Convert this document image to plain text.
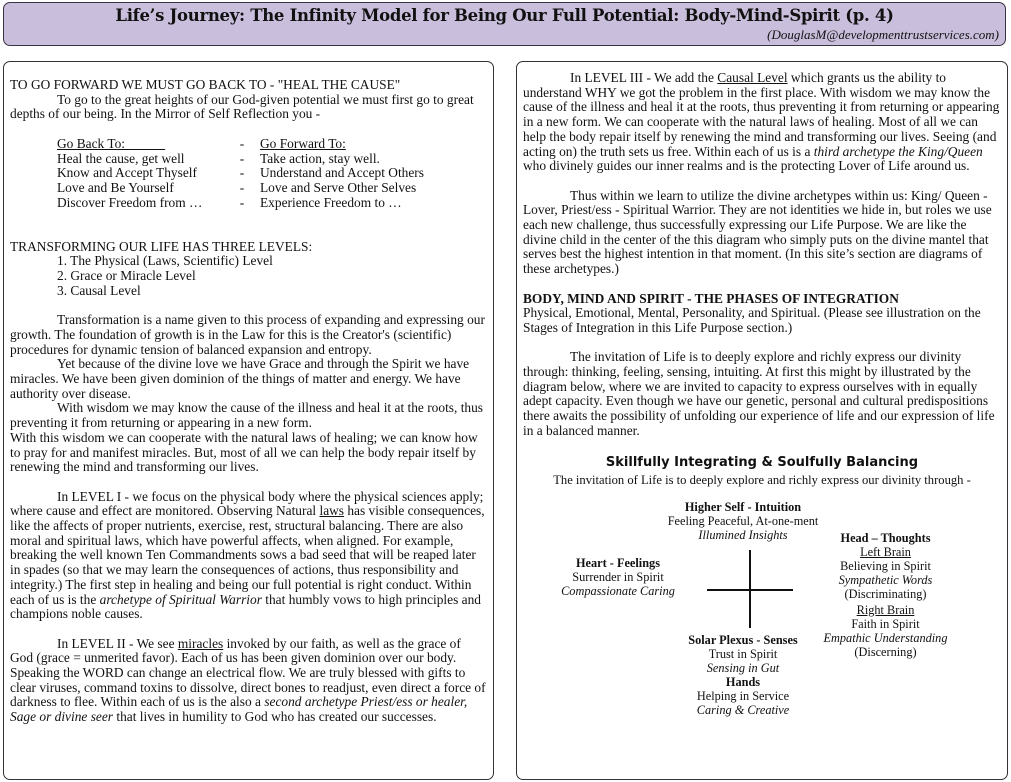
Life’s Journey: The Infinity Model for Being Our Full Potential: Body-Mind-Spirit (p. 4)
(DouglasM@developmenttrustservices.com)

TO GO FORWARD WE MUST GO BACK TO - "HEAL THE CAUSE"

To go to the great heights of our God-given potential we must first go to great depths of our being. In the Mirror of Self Reflection you -

Go Back To:	-	Go Forward To:
Heal the cause, get well	-	Take action, stay well.
Know and Accept Thyself	-	Understand and Accept Others
Love and Be Yourself	-	Love and Serve Other Selves
Discover Freedom from …	-	Experience Freedom to …

TRANSFORMING OUR LIFE HAS THREE LEVELS:

1. The Physical (Laws, Scientific) Level

2. Grace or Miracle Level

3. Causal Level

Transformation is a name given to this process of expanding and expressing our growth. The foundation of growth is in the Law for this is the Creator's (scientific) procedures for dynamic tension of balanced expansion and entropy.

Yet because of the divine love we have Grace and through the Spirit we have miracles. We have been given dominion of the things of matter and energy. We have authority over disease.

With wisdom we may know the cause of the illness and heal it at the roots, thus preventing it from returning or appearing in a new form.

With this wisdom we can cooperate with the natural laws of healing; we can know how to pray for and manifest miracles. But, most of all we can help the body repair itself by renewing the mind and transforming our lives.

In LEVEL I - we focus on the physical body where the physical sciences apply; where cause and effect are monitored. Observing Natural laws has visible consequences, like the affects of proper nutrients, exercise, rest, structural balancing. There are also moral and spiritual laws, which have powerful affects, when aligned. For example, breaking the well known Ten Commandments sows a bad seed that will be reaped later in spades (so that we may learn the consequences of actions, thus responsibility and integrity.) The first step in healing and being our full potential is right conduct. Within each of us is the archetype of Spiritual Warrior that humbly vows to high principles and champions noble causes.

In LEVEL II - We see miracles invoked by our faith, as well as the grace of God (grace = unmerited favor). Each of us has been given dominion over our body. Speaking the WORD can change an electrical flow. We are truly blessed with gifts to clear viruses, command toxins to dissolve, direct bones to readjust, even direct a force of darkness to flee. Within each of us is the also a second archetype Priest/ess or healer, Sage or divine seer that lives in humility to God who has created our successes.

In LEVEL III - We add the Causal Level which grants us the ability to understand WHY we got the problem in the first place. With wisdom we may know the cause of the illness and heal it at the roots, thus preventing it from returning or appearing in a new form. We can cooperate with the natural laws of healing. Most of all we can help the body repair itself by renewing the mind and transforming our lives. Seeing (and acting on) the truth sets us free. Within each of us is a third archetype the King/Queen who divinely guides our inner realms and is the protecting Lover of Life around us.

Thus within we learn to utilize the divine archetypes within us: King/ Queen - Lover, Priest/ess - Spiritual Warrior. They are not identities we hide in, but roles we use each new challenge, thus successfully expressing our Life Purpose. We are like the divine child in the center of the this diagram who simply puts on the divine mantel that serves best the highest intention in that moment. (In this site’s section are diagrams of these archetypes.)

BODY, MIND AND SPIRIT - THE PHASES OF INTEGRATION

Physical, Emotional, Mental, Personality, and Spiritual. (Please see illustration on the Stages of Integration in this Life Purpose section.)

The invitation of Life is to deeply explore and richly express our divinity through: thinking, feeling, sensing, intuiting. At first this might by illustrated by the diagram below, where we are invited to capacity to express ourselves with in equally adept capacity. Even though we have our genetic, personal and cultural predispositions there awaits the possibility of unfolding our experience of life and our expression of life in a balanced manner.

Skillfully Integrating & Soulfully Balancing
The invitation of Life is to deeply explore and richly express our divinity through -
Higher Self - Intuition
Feeling Peaceful, At-one-ment
Illumined Insights
Heart - Feelings
Surrender in Spirit
Compassionate Caring
Head – Thoughts
Left Brain
Believing in Spirit
Sympathetic Words
(Discriminating)
Right Brain
Faith in Spirit
Empathic Understanding
(Discerning)
Solar Plexus - Senses
Trust in Spirit
Sensing in Gut
Hands
Helping in Service
Caring & Creative
